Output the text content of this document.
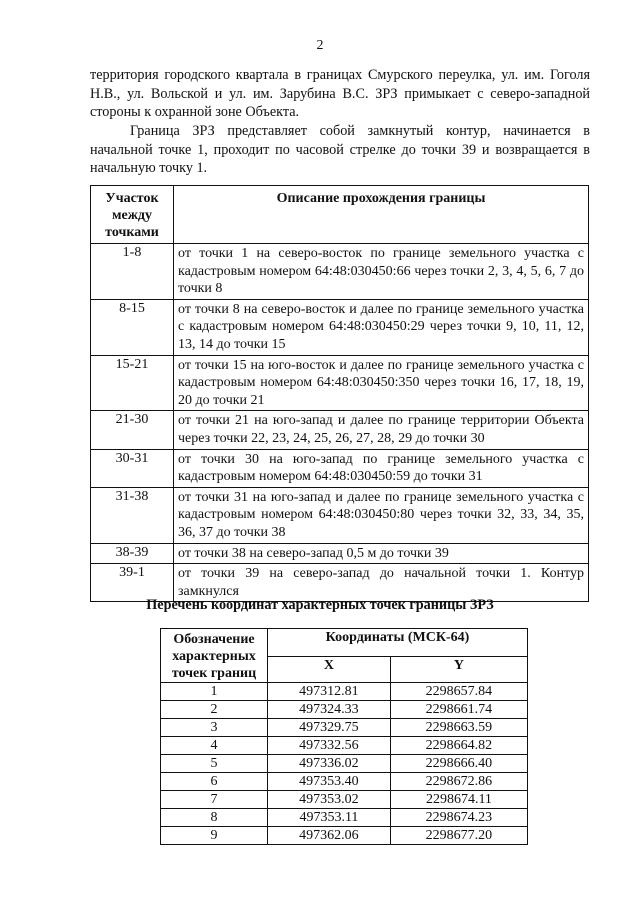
2

территория городского квартала в границах Смурского переулка, ул. им. Гоголя Н.В., ул. Вольской и ул. им. Зарубина В.С. ЗРЗ примыкает с северо-западной стороны к охранной зоне Объекта.

Граница ЗРЗ представляет собой замкнутый контур, начинается в начальной точке 1, проходит по часовой стрелке до точки 39 и возвращается в начальную точку 1.

Участок между точками	Описание прохождения границы
1-8	от точки 1 на северо-восток по границе земельного участка с кадастровым номером 64:48:030450:66 через точки 2, 3, 4, 5, 6, 7 до точки 8
8-15	от точки 8 на северо-восток и далее по границе земельного участка с кадастровым номером 64:48:030450:29 через точки 9, 10, 11, 12, 13, 14 до точки 15
15-21	от точки 15 на юго-восток и далее по границе земельного участка с кадастровым номером 64:48:030450:350 через точки 16, 17, 18, 19, 20 до точки 21
21-30	от точки 21 на юго-запад и далее по границе территории Объекта через точки 22, 23, 24, 25, 26, 27, 28, 29 до точки 30
30-31	от точки 30 на юго-запад по границе земельного участка с кадастровым номером 64:48:030450:59 до точки 31
31-38	от точки 31 на юго-запад и далее по границе земельного участка с кадастровым номером 64:48:030450:80 через точки 32, 33, 34, 35, 36, 37 до точки 38
38-39	от точки 38 на северо-запад 0,5 м до точки 39
39-1	от точки 39 на северо-запад до начальной точки 1. Контур замкнулся
Перечень координат характерных точек границы ЗРЗ
Обозначение характерных точек границ	Координаты (МСК-64)	
	X	Y
1	497312.81	2298657.84
2	497324.33	2298661.74
3	497329.75	2298663.59
4	497332.56	2298664.82
5	497336.02	2298666.40
6	497353.40	2298672.86
7	497353.02	2298674.11
8	497353.11	2298674.23
9	497362.06	2298677.20
